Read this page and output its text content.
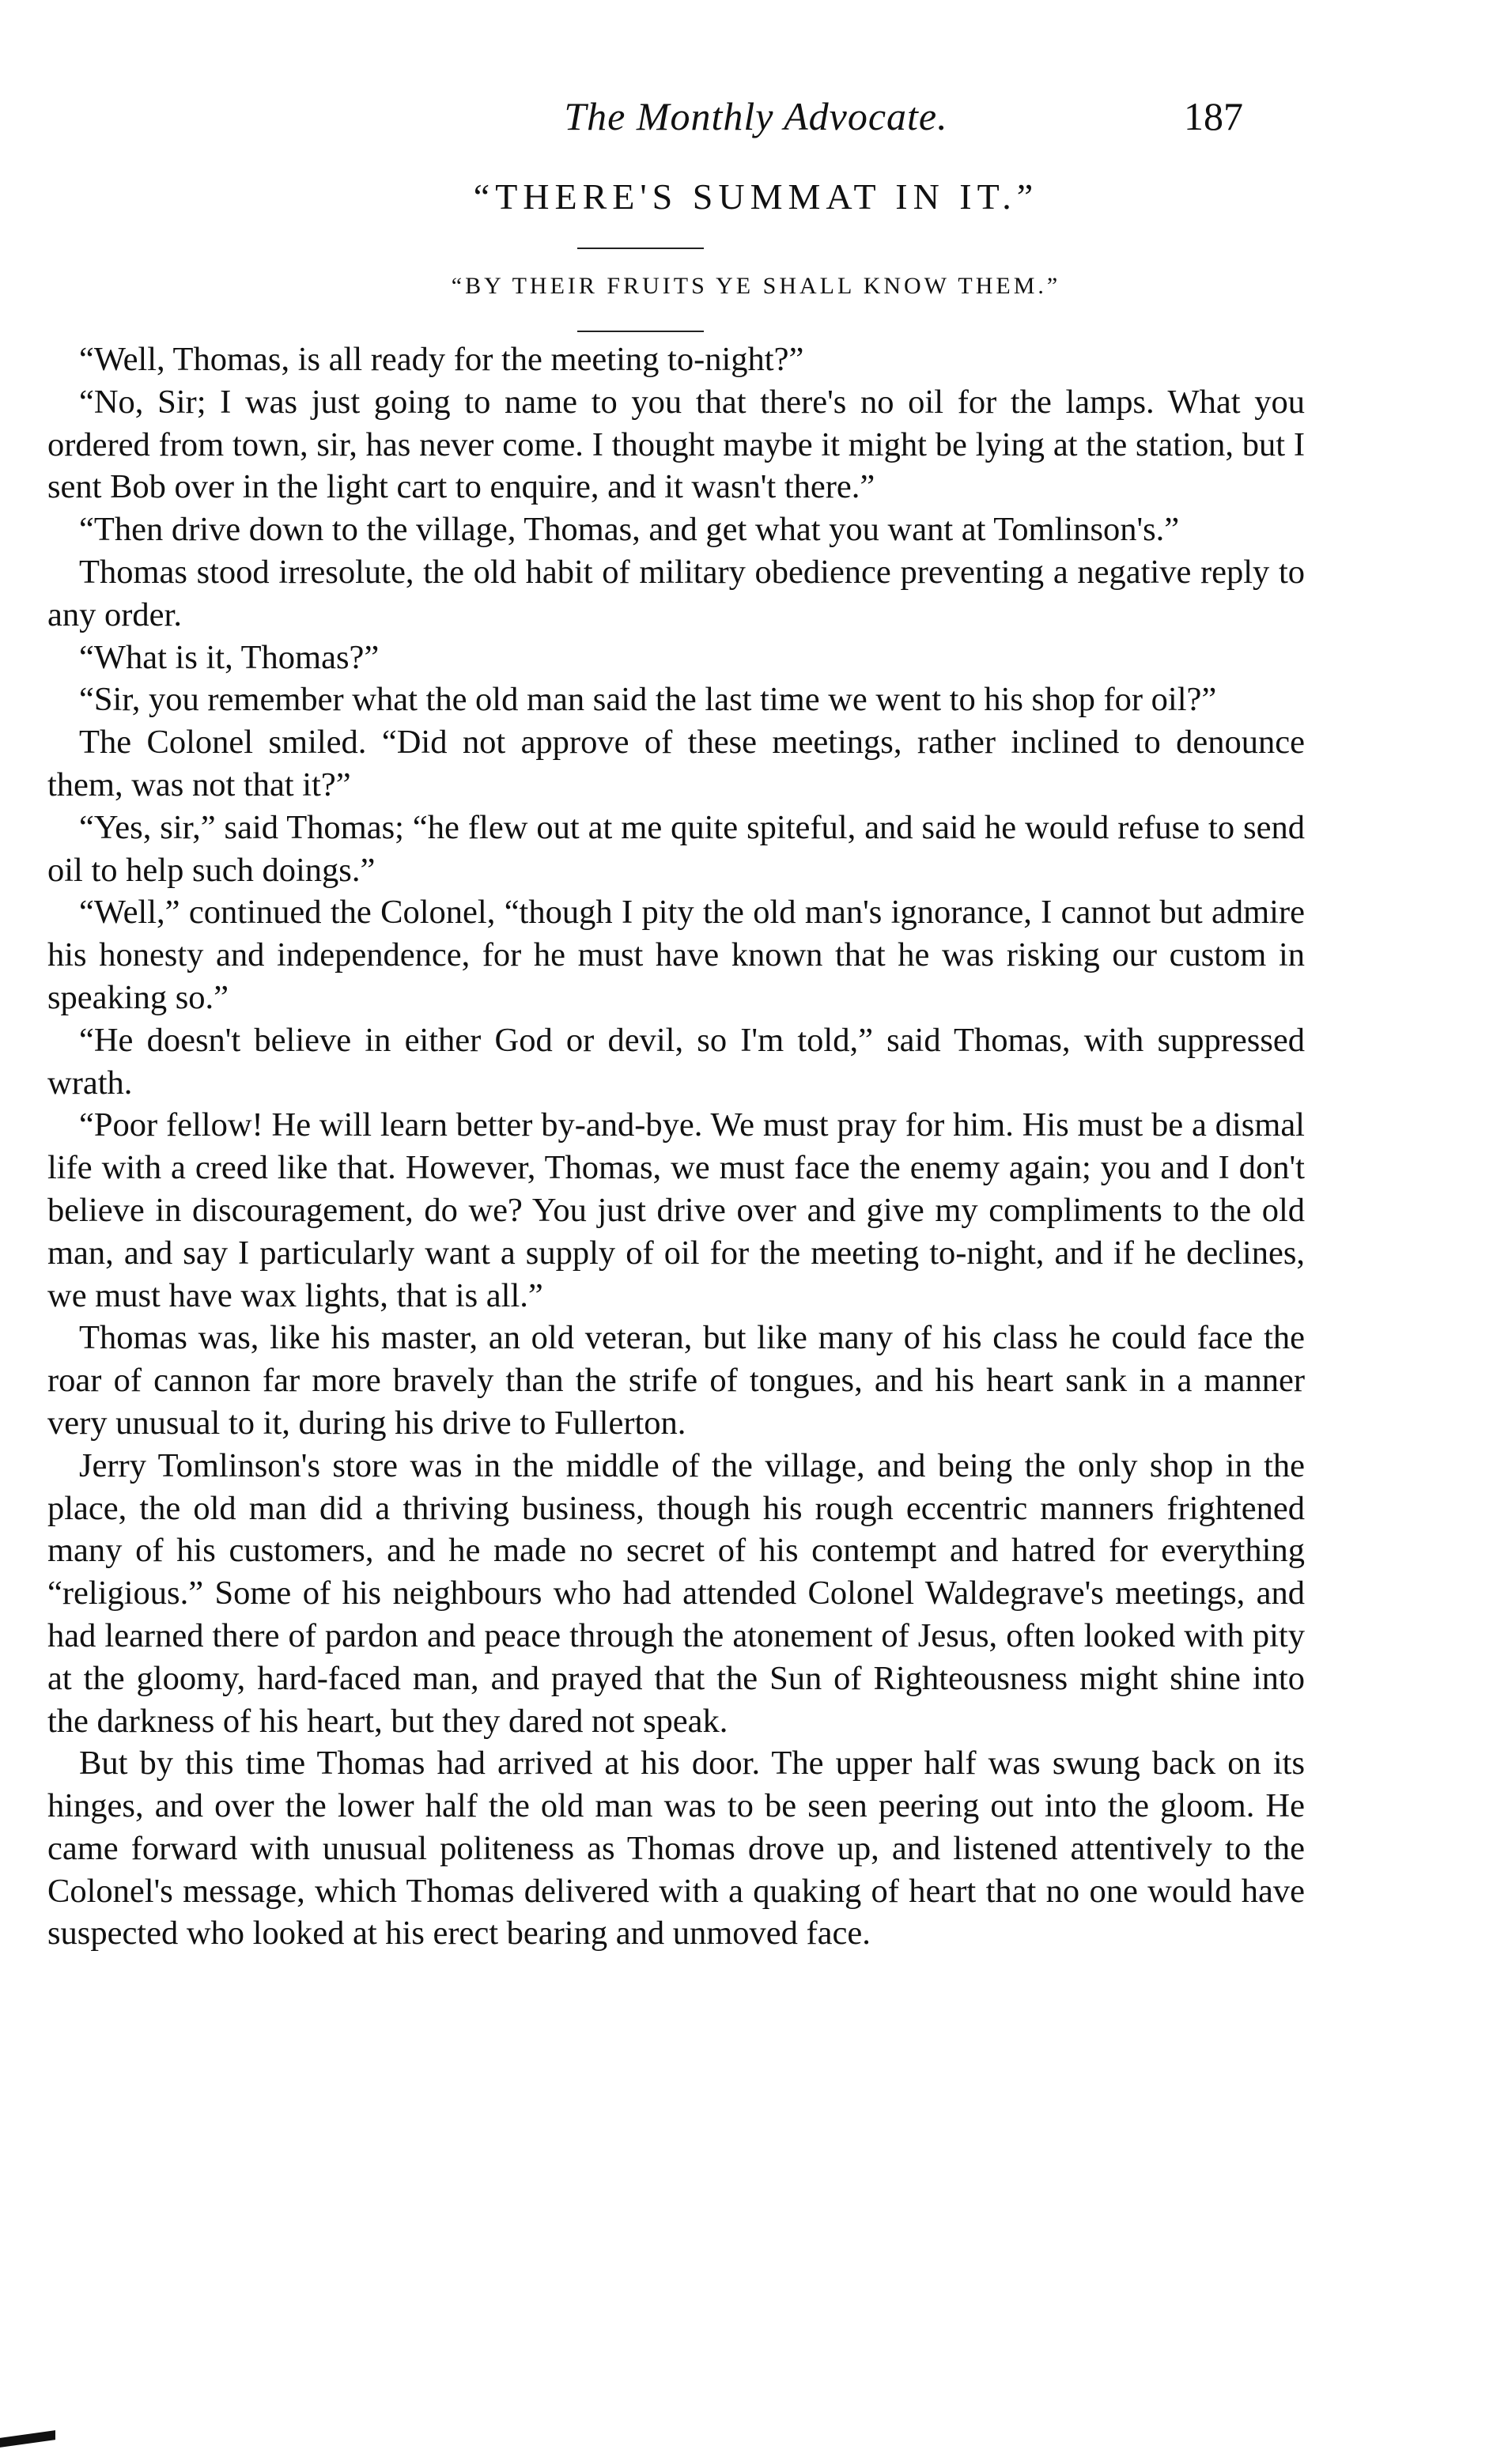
The Monthly Advocate.	187
“THERE'S SUMMAT IN IT.”
“BY THEIR FRUITS YE SHALL KNOW THEM.”

“Well, Thomas, is all ready for the meeting to-night?”

“No, Sir; I was just going to name to you that there's no oil for the lamps. What you ordered from town, sir, has never come. I thought maybe it might be lying at the station, but I sent Bob over in the light cart to enquire, and it wasn't there.”

“Then drive down to the village, Thomas, and get what you want at Tomlinson's.”

Thomas stood irresolute, the old habit of military obedience preventing a negative reply to any order.

“What is it, Thomas?”

“Sir, you remember what the old man said the last time we went to his shop for oil?”

The Colonel smiled. “Did not approve of these meetings, rather inclined to denounce them, was not that it?”

“Yes, sir,” said Thomas; “he flew out at me quite spiteful, and said he would refuse to send oil to help such doings.”

“Well,” continued the Colonel, “though I pity the old man's ignorance, I cannot but admire his honesty and independence, for he must have known that he was risking our custom in speaking so.”

“He doesn't believe in either God or devil, so I'm told,” said Thomas, with suppressed wrath.

“Poor fellow! He will learn better by-and-bye. We must pray for him. His must be a dismal life with a creed like that. However, Thomas, we must face the enemy again; you and I don't believe in discouragement, do we? You just drive over and give my compliments to the old man, and say I particularly want a supply of oil for the meeting to-night, and if he declines, we must have wax lights, that is all.”

Thomas was, like his master, an old veteran, but like many of his class he could face the roar of cannon far more bravely than the strife of tongues, and his heart sank in a manner very unusual to it, during his drive to Fullerton.

Jerry Tomlinson's store was in the middle of the village, and being the only shop in the place, the old man did a thriving business, though his rough eccentric manners frightened many of his customers, and he made no secret of his contempt and hatred for everything “religious.” Some of his neighbours who had attended Colonel Waldegrave's meetings, and had learned there of pardon and peace through the atonement of Jesus, often looked with pity at the gloomy, hard-faced man, and prayed that the Sun of Righteousness might shine into the darkness of his heart, but they dared not speak.

But by this time Thomas had arrived at his door. The upper half was swung back on its hinges, and over the lower half the old man was to be seen peering out into the gloom. He came forward with unusual politeness as Thomas drove up, and listened attentively to the Colonel's message, which Thomas delivered with a quaking of heart that no one would have suspected who looked at his erect bearing and unmoved face.
